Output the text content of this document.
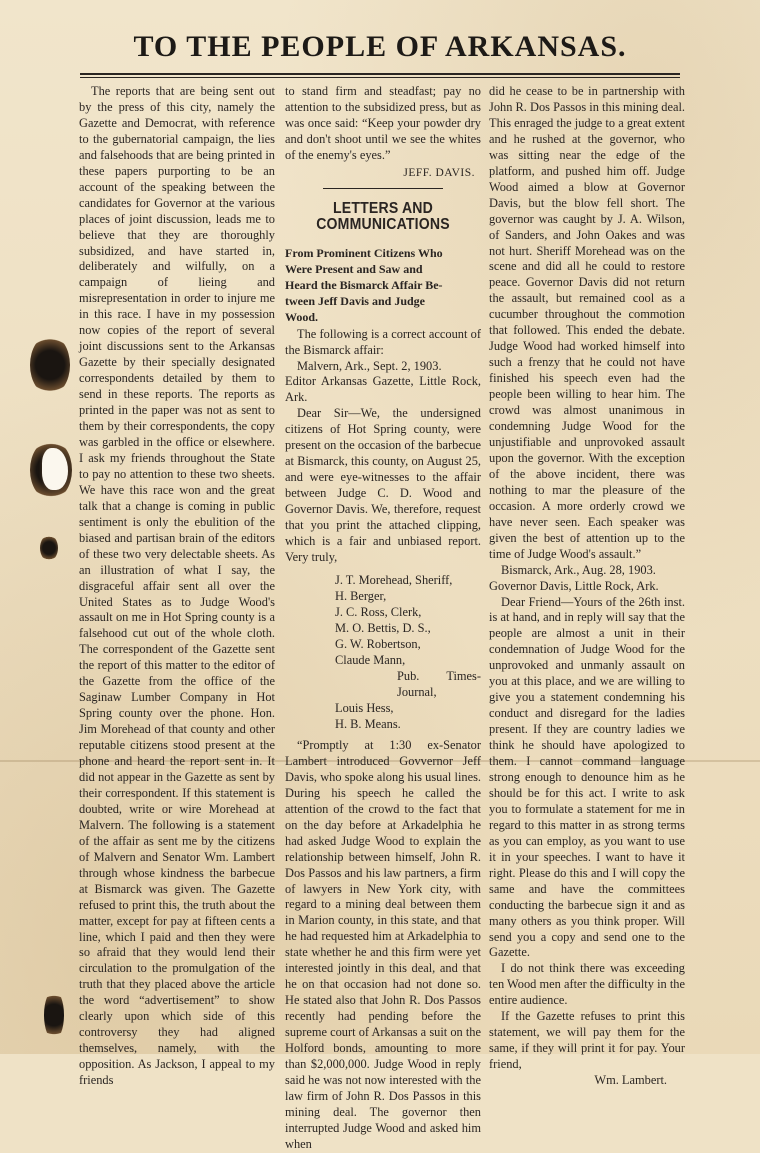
TO THE PEOPLE OF ARKANSAS.

The reports that are being sent out by the press of this city, namely the Gazette and Democrat, with reference to the gubernatorial campaign, the lies and falsehoods that are being printed in these papers purporting to be an account of the speaking between the candidates for Governor at the various places of joint discussion, leads me to believe that they are thoroughly subsidized, and have started in, deliberately and wilfully, on a campaign of lieing and misrepresentation in order to injure me in this race. I have in my possession now copies of the report of several joint discussions sent to the Arkansas Gazette by their specially designated correspondents detailed by them to send in these reports. The reports as printed in the paper was not as sent to them by their correspondents, the copy was garbled in the office or elsewhere. I ask my friends throughout the State to pay no attention to these two sheets. We have this race won and the great talk that a change is coming in public sentiment is only the ebulition of the biased and partisan brain of the editors of these two very delectable sheets. As an illustration of what I say, the disgraceful affair sent all over the United States as to Judge Wood's assault on me in Hot Spring county is a falsehood cut out of the whole cloth. The correspondent of the Gazette sent the report of this matter to the editor of the Gazette from the office of the Saginaw Lumber Company in Hot Spring county over the phone. Hon. Jim Morehead of that county and other reputable citizens stood present at the phone and heard the report sent in. It did not appear in the Gazette as sent by their correspondent. If this statement is doubted, write or wire Morehead at Malvern. The following is a statement of the affair as sent me by the citizens of Malvern and Senator Wm. Lambert through whose kindness the barbecue at Bismarck was given. The Gazette refused to print this, the truth about the matter, except for pay at fifteen cents a line, which I paid and then they were so afraid that they would lend their circulation to the promulgation of the truth that they placed above the article the word “advertisement” to show clearly upon which side of this controversy they had aligned themselves, namely, with the opposition. As Jackson, I appeal to my friends

to stand firm and steadfast; pay no attention to the subsidized press, but as was once said: “Keep your powder dry and don't shoot until we see the whites of the enemy's eyes.”

JEFF. DAVIS.
LETTERS AND COMMUNICATIONS
From Prominent Citizens Who
Were Present and Saw and
Heard the Bismarck Affair Be-
tween Jeff Davis and Judge
Wood.

The following is a correct account of the Bismarck affair:

Malvern, Ark., Sept. 2, 1903.

Editor Arkansas Gazette, Little Rock, Ark.

Dear Sir—We, the undersigned citizens of Hot Spring county, were present on the occasion of the barbecue at Bismarck, this county, on August 25, and were eye-witnesses to the affair between Judge C. D. Wood and Governor Davis. We, therefore, request that you print the attached clipping, which is a fair and unbiased report. Very truly,

J. T. Morehead, Sheriff,
H. Berger,
J. C. Ross, Clerk,
M. O. Bettis, D. S.,
G. W. Robertson,
Claude Mann,
Pub. Times-Journal,
Louis Hess,
H. B. Means.

“Promptly at 1:30 ex-Senator Lambert introduced Govvernor Jeff Davis, who spoke along his usual lines. During his speech he called the attention of the crowd to the fact that on the day before at Arkadelphia he had asked Judge Wood to explain the relationship between himself, John R. Dos Passos and his law partners, a firm of lawyers in New York city, with regard to a mining deal between them in Marion county, in this state, and that he had requested him at Arkadelphia to state whether he and this firm were yet interested jointly in this deal, and that he on that occasion had not done so. He stated also that John R. Dos Passos recently had pending before the supreme court of Arkansas a suit on the Holford bonds, amounting to more than $2,000,000. Judge Wood in reply said he was not now interested with the law firm of John R. Dos Passos in this mining deal. The governor then interrupted Judge Wood and asked him when

did he cease to be in partnership with John R. Dos Passos in this mining deal. This enraged the judge to a great extent and he rushed at the governor, who was sitting near the edge of the platform, and pushed him off. Judge Wood aimed a blow at Governor Davis, but the blow fell short. The governor was caught by J. A. Wilson, of Sanders, and John Oakes and was not hurt. Sheriff Morehead was on the scene and did all he could to restore peace. Governor Davis did not return the assault, but remained cool as a cucumber throughout the commotion that followed. This ended the debate. Judge Wood had worked himself into such a frenzy that he could not have finished his speech even had the people been willing to hear him. The crowd was almost unanimous in condemning Judge Wood for the unjustifiable and unprovoked assault upon the governor. With the exception of the above incident, there was nothing to mar the pleasure of the occasion. A more orderly crowd we have never seen. Each speaker was given the best of attention up to the time of Judge Wood's assault.”

Bismarck, Ark., Aug. 28, 1903.

Governor Davis, Little Rock, Ark.

Dear Friend—Yours of the 26th inst. is at hand, and in reply will say that the people are almost a unit in their condemnation of Judge Wood for the unprovoked and unmanly assault on you at this place, and we are willing to give you a statement condemning his conduct and disregard for the ladies present. If they are country ladies we think he should have apologized to them. I cannot command language strong enough to denounce him as he should be for this act. I write to ask you to formulate a statement for me in regard to this matter in as strong terms as you can employ, as you want to use it in your speeches. I want to have it right. Please do this and I will copy the same and have the committees conducting the barbecue sign it and as many others as you think proper. Will send you a copy and send one to the Gazette.

I do not think there was exceeding ten Wood men after the difficulty in the entire audience.

If the Gazette refuses to print this statement, we will pay them for the same, if they will print it for pay. Your friend,

Wm. Lambert.
